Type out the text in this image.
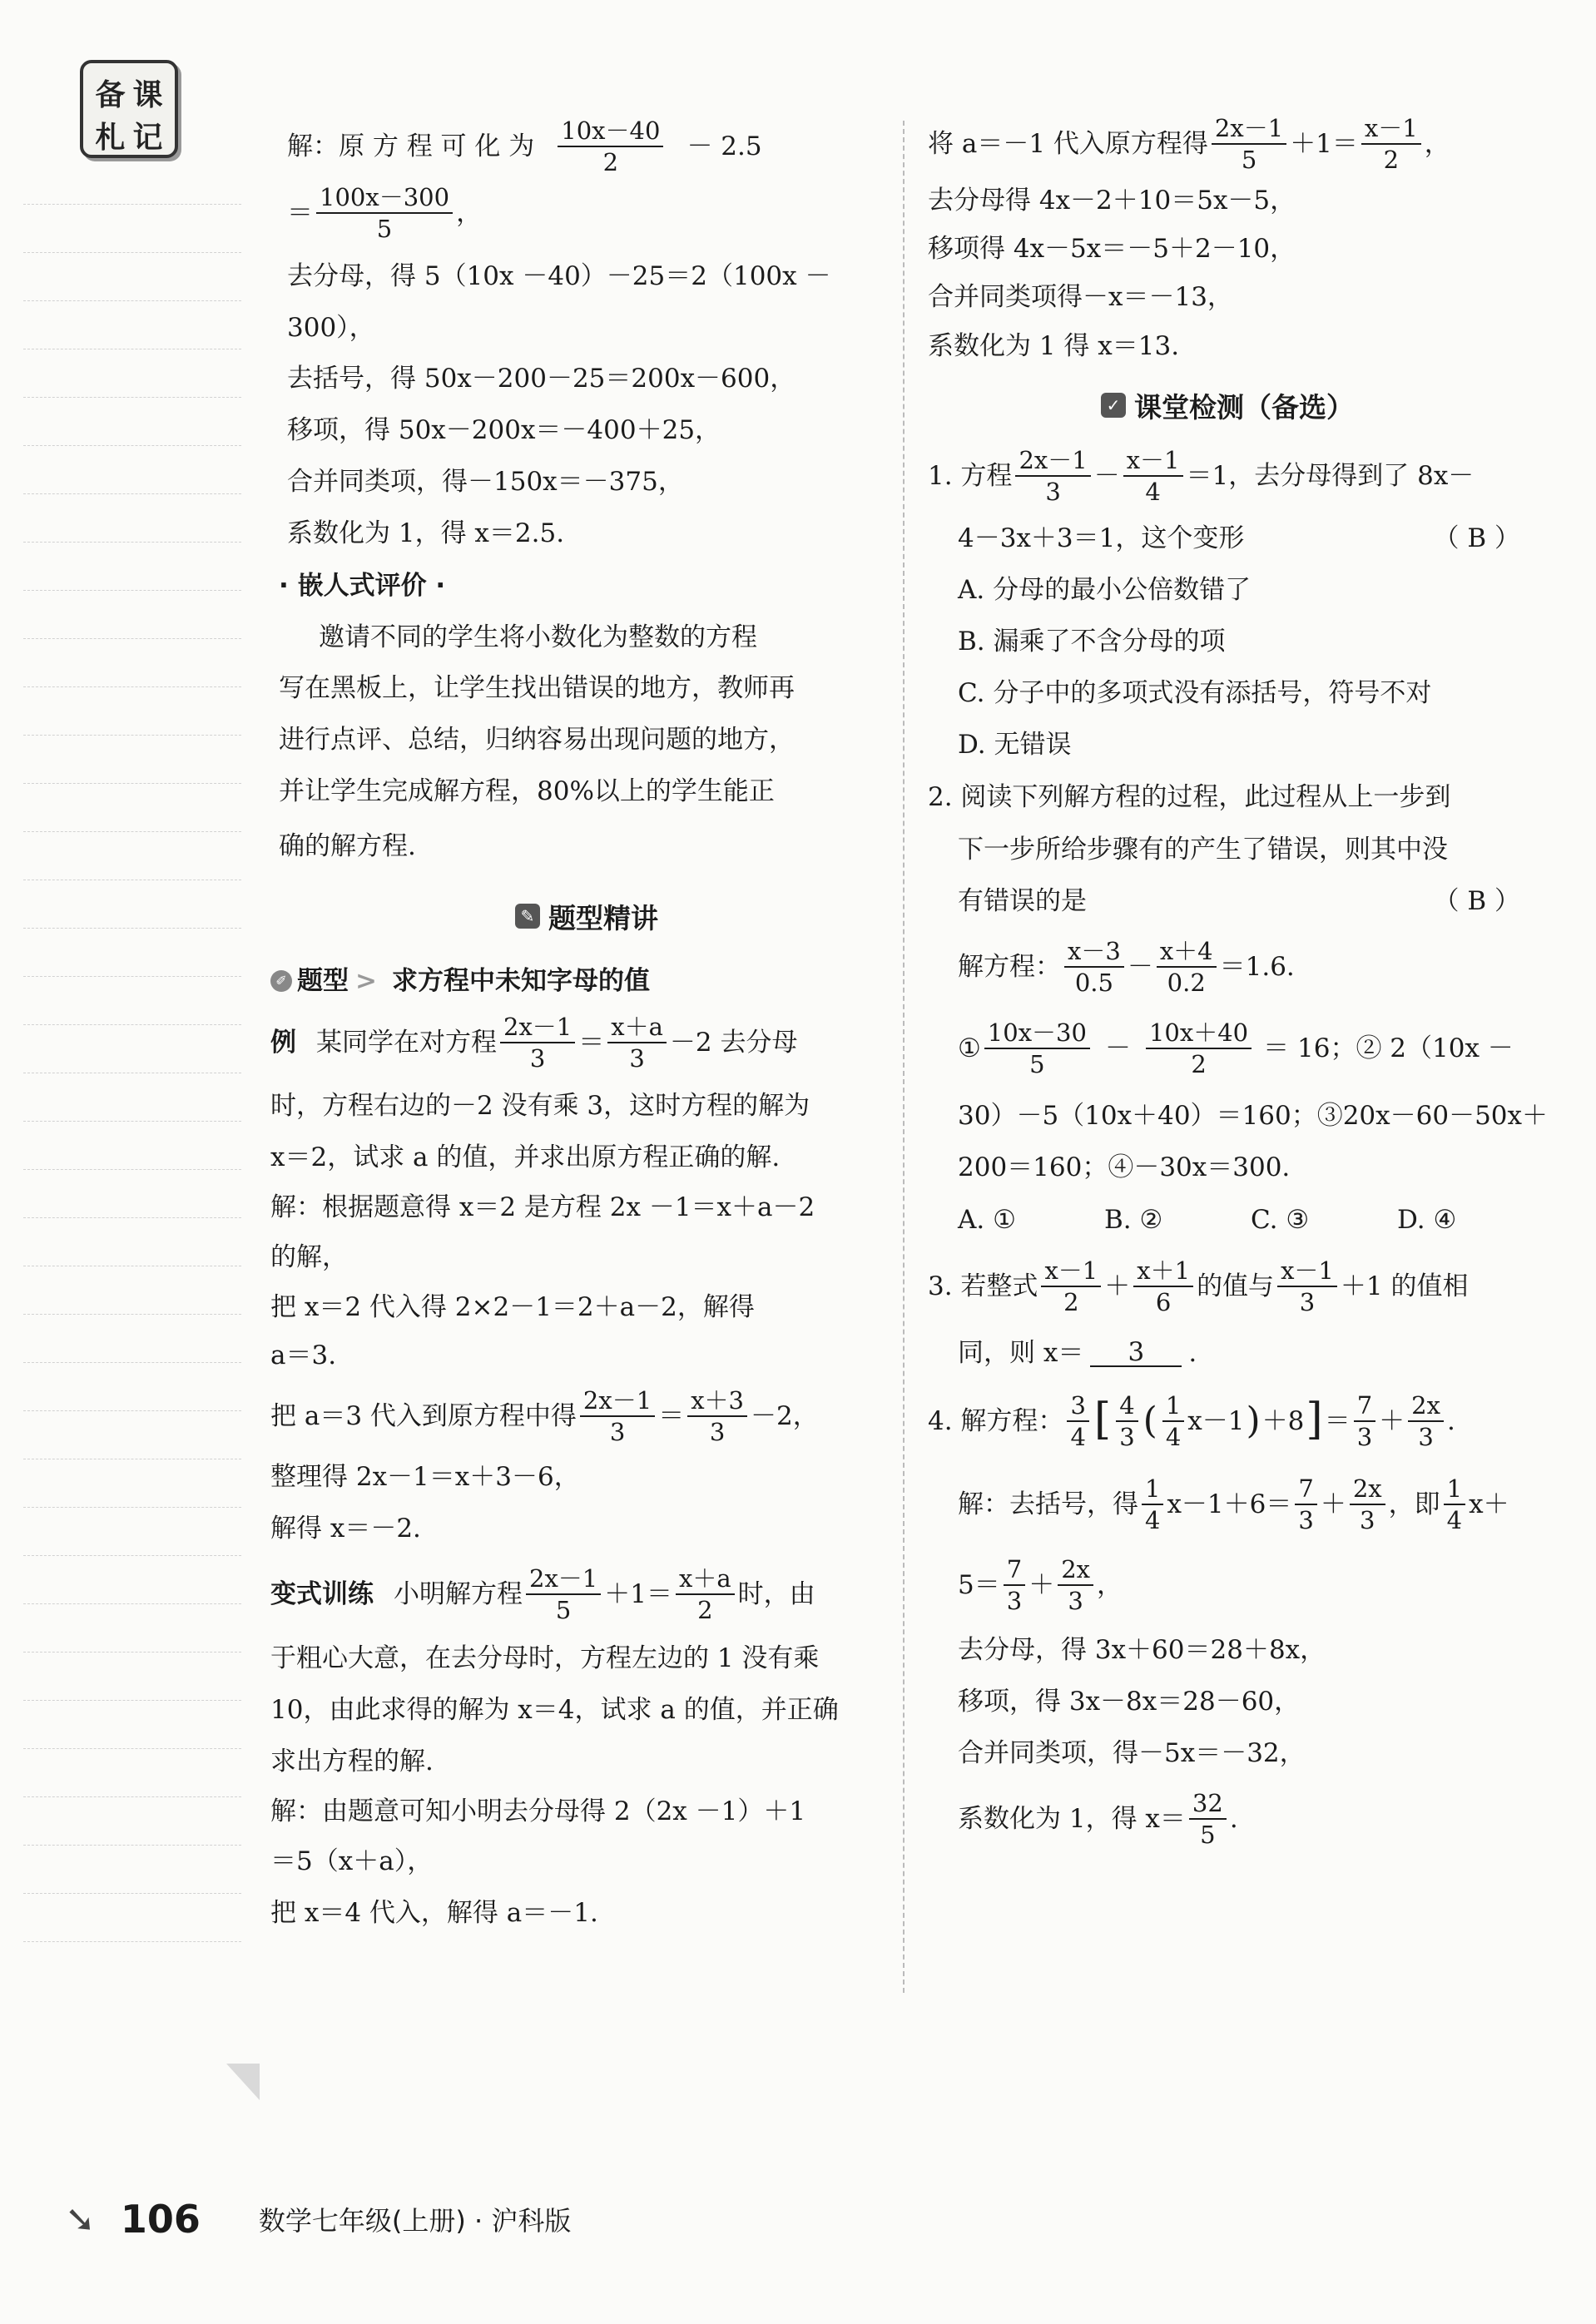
备 课
札 记	解：原 方 程 可 化 为 $\frac{10x-40}{2} - 2.5$

＝ $\frac{100x-300}{5}$ ，

去分母，得 5（10x －40）－25＝2（100x －

300），

去括号，得 50x－200－25＝200x－600，

移项，得 50x－200x＝－400＋25，

合并同类项，得－150x＝－375，

系数化为 1，得 x＝2.5.

· 嵌人式评价 ·

邀请不同的学生将小数化为整数的方程

写在黑板上，让学生找出错误的地方，教师再

进行点评、总结，归纳容易出现问题的地方，

并让学生完成解方程，80%以上的学生能正

确的解方程.

✎ 题型精讲

✐ 题型 > 求方程中未知字母的值

例 某同学在对方程 $\frac{2x-1}{3} = \frac{x+a}{3} -2$ 去分母

时，方程右边的－2 没有乘 3，这时方程的解为

x＝2，试求 a 的值，并求出原方程正确的解.

解：根据题意得 x＝2 是方程 2x －1＝x＋a－2

的解，

把 x＝2 代入得 2×2－1＝2＋a－2，解得

a＝3.

把 a＝3 代入到原方程中得 $\frac{2x-1}{3} = \frac{x+3}{3} -2$，

整理得 2x－1＝x＋3－6，

解得 x＝－2.

变式训练 小明解方程 $\frac{2x-1}{5} +1= \frac{x+a}{2}$ 时，由

于粗心大意，在去分母时，方程左边的 1 没有乘

10，由此求得的解为 x＝4，试求 a 的值，并正确

求出方程的解.

解：由题意可知小明去分母得 2（2x －1）＋1

＝5（x＋a），

把 x＝4 代入，解得 a＝－1.

将 a＝－1 代入原方程得 $\frac{2x-1}{5} +1= \frac{x-1}{2}$ ，

去分母得 4x－2＋10＝5x－5，

移项得 4x－5x＝－5＋2－10，

合并同类项得－x＝－13，

系数化为 1 得 x＝13.

✓ 课堂检测（备选）

1. 方程 $\frac{2x-1}{3} - \frac{x-1}{4} =1$，去分母得到了 8x－

4－3x＋3＝1，这个变形	（ B ）

A. 分母的最小公倍数错了

B. 漏乘了不含分母的项

C. 分子中的多项式没有添括号，符号不对

D. 无错误

2. 阅读下列解方程的过程，此过程从上一步到

下一步所给步骤有的产生了错误，则其中没

有错误的是	（ B ）

解方程： $\frac{x-3}{0.5} - \frac{x+4}{0.2} =1.6$.

① $\frac{10x-30}{5} - \frac{10x+40}{2} = 16$；② 2（10x －

30）－5（10x＋40）＝160；③20x－60－50x＋

200＝160；④－30x＝300.

A. ①	B. ②	C. ③	D. ④

3. 若整式 $\frac{x-1}{2} + \frac{x+1}{6}$ 的值与 $\frac{x-1}{3} +1$ 的值相

同，则 x＝	3	.

4. 解方程： $\frac{3}{4}$ [ $\frac{4}{3}$ ( $\frac{1}{4} x-1$ ) ＋8 ] ＝ $\frac{7}{3} + \frac{2x}{3}$ .

解：去括号，得 $\frac{1}{4} x-1+6= \frac{7}{3} + \frac{2x}{3}$ ，即 $\frac{1}{4} x+$

$5= \frac{7}{3} + \frac{2x}{3}$ ，

去分母，得 3x＋60＝28＋8x，

移项，得 3x－8x＝28－60，

合并同类项，得－5x＝－32，

系数化为 1，得 $x= \frac{32}{5}$ .

➘ 106 数学七年级(上册) · 沪科版
